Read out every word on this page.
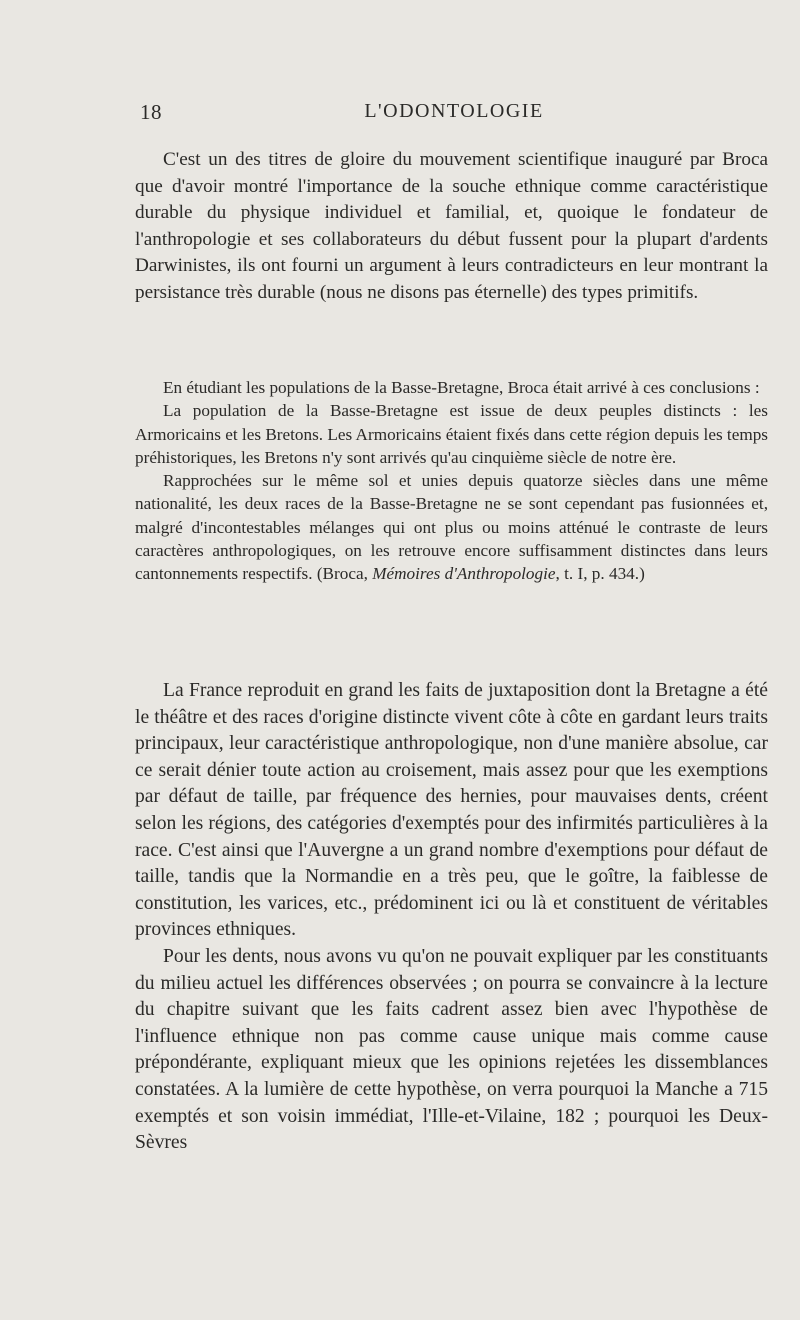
18	L'ODONTOLOGIE

C'est un des titres de gloire du mouvement scientifique inauguré par Broca que d'avoir montré l'importance de la souche ethnique comme caractéristique durable du physique individuel et familial, et, quoique le fondateur de l'anthropologie et ses collaborateurs du début fussent pour la plupart d'ardents Darwinistes, ils ont fourni un argument à leurs contradicteurs en leur montrant la persistance très durable (nous ne disons pas éternelle) des types primitifs.

En étudiant les populations de la Basse-Bretagne, Broca était arrivé à ces conclusions :

La population de la Basse-Bretagne est issue de deux peuples distincts : les Armoricains et les Bretons. Les Armoricains étaient fixés dans cette région depuis les temps préhistoriques, les Bretons n'y sont arrivés qu'au cinquième siècle de notre ère.

Rapprochées sur le même sol et unies depuis quatorze siècles dans une même nationalité, les deux races de la Basse-Bretagne ne se sont cependant pas fusionnées et, malgré d'incontestables mélanges qui ont plus ou moins atténué le contraste de leurs caractères anthropologiques, on les retrouve encore suffisamment distinctes dans leurs cantonnements respectifs. (Broca, Mémoires d'Anthropologie, t. I, p. 434.)

La France reproduit en grand les faits de juxtaposition dont la Bretagne a été le théâtre et des races d'origine distincte vivent côte à côte en gardant leurs traits principaux, leur caractéristique anthropologique, non d'une manière absolue, car ce serait dénier toute action au croisement, mais assez pour que les exemptions par défaut de taille, par fréquence des hernies, pour mauvaises dents, créent selon les régions, des catégories d'exemptés pour des infirmités particulières à la race. C'est ainsi que l'Auvergne a un grand nombre d'exemptions pour défaut de taille, tandis que la Normandie en a très peu, que le goître, la faiblesse de constitution, les varices, etc., prédominent ici ou là et constituent de véritables provinces ethniques.

Pour les dents, nous avons vu qu'on ne pouvait expliquer par les constituants du milieu actuel les différences observées ; on pourra se convaincre à la lecture du chapitre suivant que les faits cadrent assez bien avec l'hypothèse de l'influence ethnique non pas comme cause unique mais comme cause prépondérante, expliquant mieux que les opinions rejetées les dissemblances constatées. A la lumière de cette hypothèse, on verra pourquoi la Manche a 715 exemptés et son voisin immédiat, l'Ille-et-Vilaine, 182 ; pourquoi les Deux-Sèvres
